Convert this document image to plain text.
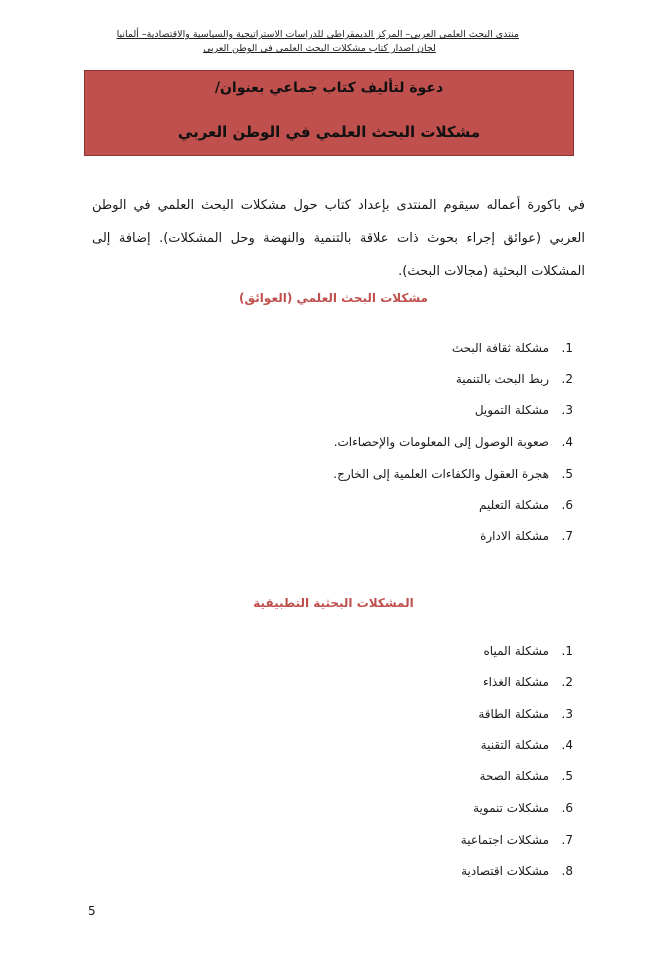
منتدى البحث العلمي العربي– المركز الديمقراطي للدراسات الاستراتيجية والسياسية والاقتصادية– ألمانيا
لجان اصدار كتاب مشكلات البحث العلمي في الوطن العربي
دعوة لتأليف كتاب جماعي بعنوان/
مشكلات البحث العلمي في الوطن العربي

في باكورة أعماله سيقوم المنتدى بإعداد كتاب حول مشكلات البحث العلمي في الوطن العربي (عوائق إجراء بحوث ذات علاقة بالتنمية والنهضة وحل المشكلات). إضافة إلى المشكلات البحثية (مجالات البحث).

مشكلات البحث العلمي (العوائق)
1.مشكلة ثقافة البحث
2.ربط البحث بالتنمية
3.مشكلة التمويل
4.صعوبة الوصول إلى المعلومات والإحصاءات.
5.هجرة العقول والكفاءات العلمية إلى الخارج.
6.مشكلة التعليم
7.مشكلة الادارة
المشكلات البحثية التطبيقية
1.مشكلة المياه
2.مشكلة الغذاء
3.مشكلة الطاقة
4.مشكلة التقنية
5.مشكلة الصحة
6.مشكلات تنموية
7.مشكلات اجتماعية
8.مشكلات اقتصادية
5
